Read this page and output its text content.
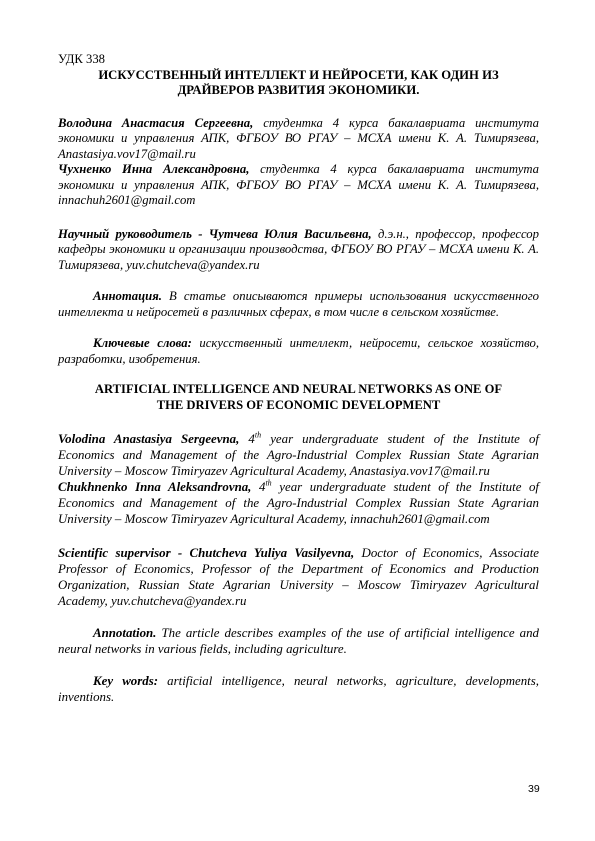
УДК 338

ИСКУССТВЕННЫЙ ИНТЕЛЛЕКТ И НЕЙРОСЕТИ, КАК ОДИН ИЗ
ДРАЙВЕРОВ РАЗВИТИЯ ЭКОНОМИКИ.

Володина Анастасия Сергеевна, студентка 4 курса бакалавриата института экономики и управления АПК, ФГБОУ ВО РГАУ – МСХА имени К. А. Тимирязева, Anastasiya.vov17@mail.ru

Чухненко Инна Александровна, студентка 4 курса бакалавриата института экономики и управления АПК, ФГБОУ ВО РГАУ – МСХА имени К. А. Тимирязева, innachuh2601@gmail.com

Научный руководитель - Чутчева Юлия Васильевна, д.э.н., профессор, профессор кафедры экономики и организации производства, ФГБОУ ВО РГАУ – МСХА имени К. А. Тимирязева, yuv.chutcheva@yandex.ru

Аннотация. В статье описываются примеры использования искусственного интеллекта и нейросетей в различных сферах, в том числе в сельском хозяйстве.

Ключевые слова: искусственный интеллект, нейросети, сельское хозяйство, разработки, изобретения.

ARTIFICIAL INTELLIGENCE AND NEURAL NETWORKS AS ONE OF
THE DRIVERS OF ECONOMIC DEVELOPMENT

Volodina Anastasiya Sergeevna, 4th year undergraduate student of the Institute of Economics and Management of the Agro-Industrial Complex Russian State Agrarian University – Moscow Timiryazev Agricultural Academy, Anastasiya.vov17@mail.ru

Chukhnenko Inna Aleksandrovna, 4th year undergraduate student of the Institute of Economics and Management of the Agro-Industrial Complex Russian State Agrarian University – Moscow Timiryazev Agricultural Academy, innachuh2601@gmail.com

Scientific supervisor - Chutcheva Yuliya Vasilyevna, Doctor of Economics, Associate Professor of Economics, Professor of the Department of Economics and Production Organization, Russian State Agrarian University – Moscow Timiryazev Agricultural Academy, yuv.chutcheva@yandex.ru

Annotation. The article describes examples of the use of artificial intelligence and neural networks in various fields, including agriculture.

Key words: artificial intelligence, neural networks, agriculture, developments, inventions.

39
